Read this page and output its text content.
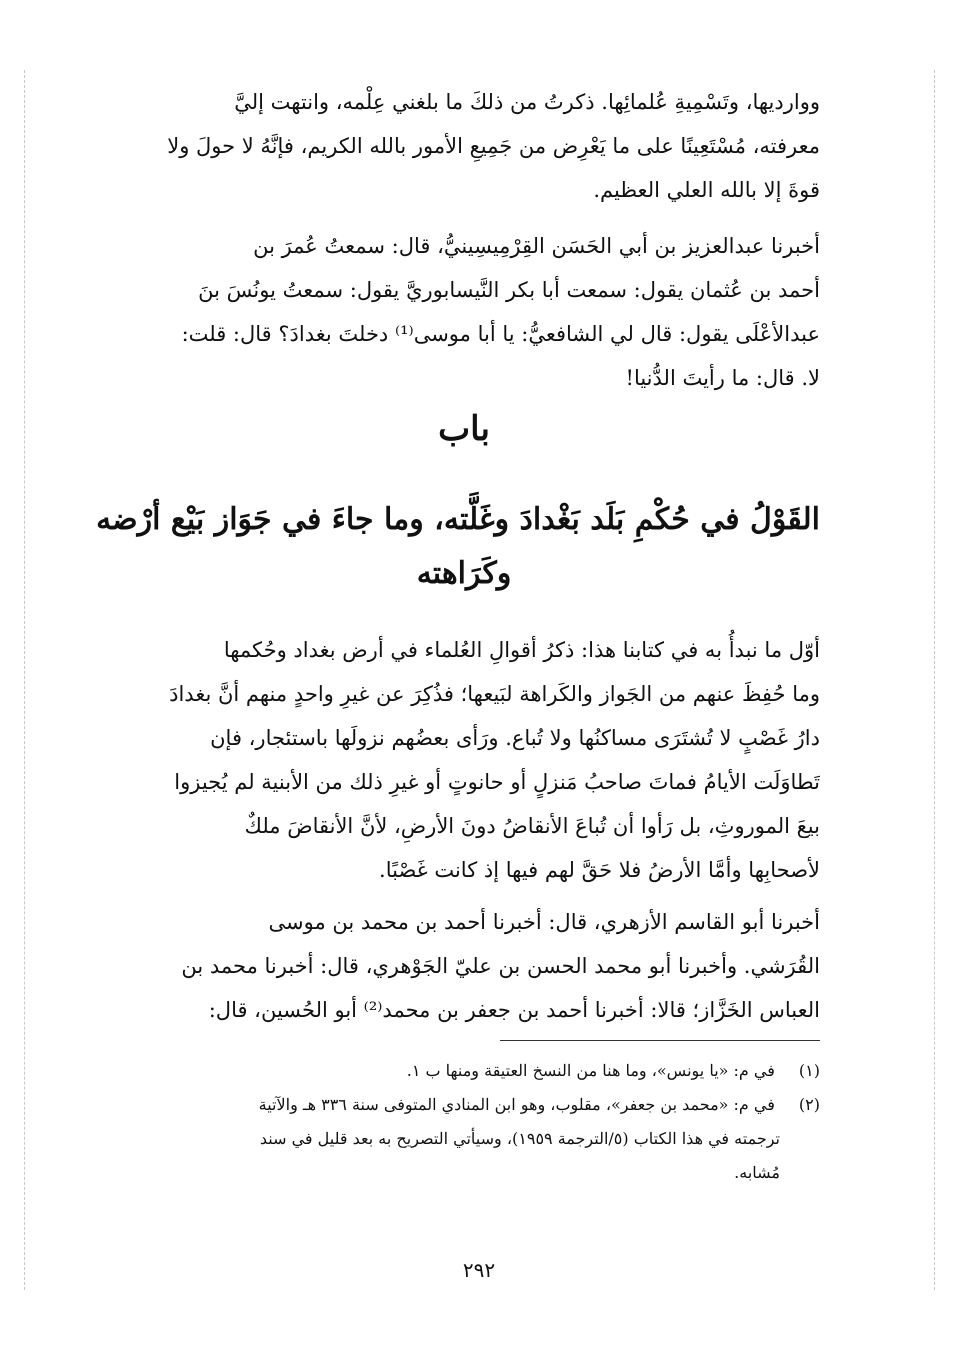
ووارديها، وتَسْمِيةِ عُلمائِها. ذكرتُ من ذلكَ ما بلغني عِلْمه، وانتهت إليَّ
معرفته، مُسْتَعِينًا على ما يَعْرِض من جَمِيعِ الأمور بالله الكريم، فإنَّهُ لا حولَ ولا
قوةَ إلا بالله العلي العظيم.
أخبرنا عبدالعزيز بن أبي الحَسَن القِرْمِيسِينيُّ، قال: سمعتُ عُمرَ بن
أحمد بن عُثمان يقول: سمعت أبا بكر النَّيسابوريَّ يقول: سمعتُ يونُسَ بنَ
عبدالأعْلَى يقول: قال لي الشافعيُّ: يا أبا موسى⁽¹⁾ دخلتَ بغدادَ؟ قال: قلت:
لا. قال: ما رأيتَ الدُّنيا!
باب
القَوْلُ في حُكْمِ بَلَد بَغْدادَ وغَلَّته، وما جاءَ في جَوَاز بَيْع أرْضه
وكَرَاهته
أوّل ما نبدأُ به في كتابنا هذا: ذكرُ أقوالِ العُلماء في أرض بغداد وحُكمها
وما حُفِظَ عنهم من الجَواز والكَراهة لبَيعها؛ فذُكِرَ عن غيرِ واحدٍ منهم أنَّ بغدادَ
دارُ غَصْبٍ لا تُشتَرَى مساكنُها ولا تُباع. ورَأى بعضُهم نزولَها باستئجار، فإن
تَطاوَلَت الأيامُ فماتَ صاحبُ مَنزلٍ أو حانوتٍ أو غيرِ ذلك من الأبنية لم يُجيزوا
بيعَ الموروثِ، بل رَأوا أن تُباعَ الأنقاضُ دونَ الأرضِ، لأنَّ الأنقاضَ ملكٌ
لأصحابِها وأمَّا الأرضُ فلا حَقَّ لهم فيها إذ كانت غَصْبًا.
أخبرنا أبو القاسم الأزهري، قال: أخبرنا أحمد بن محمد بن موسى
القُرَشي. وأخبرنا أبو محمد الحسن بن عليّ الجَوْهري، قال: أخبرنا محمد بن
العباس الخَزَّاز؛ قالا: أخبرنا أحمد بن جعفر بن محمد⁽²⁾ أبو الحُسين، قال:
(١) في م: «يا يونس»، وما هنا من النسخ العتيقة ومنها ب ١.
(٢) في م: «محمد بن جعفر»، مقلوب، وهو ابن المنادي المتوفى سنة ٣٣٦ هـ والآتية
ترجمته في هذا الكتاب (٥/الترجمة ١٩٥٩)، وسيأتي التصريح به بعد قليل في سند
مُشابه.
٢٩٢
